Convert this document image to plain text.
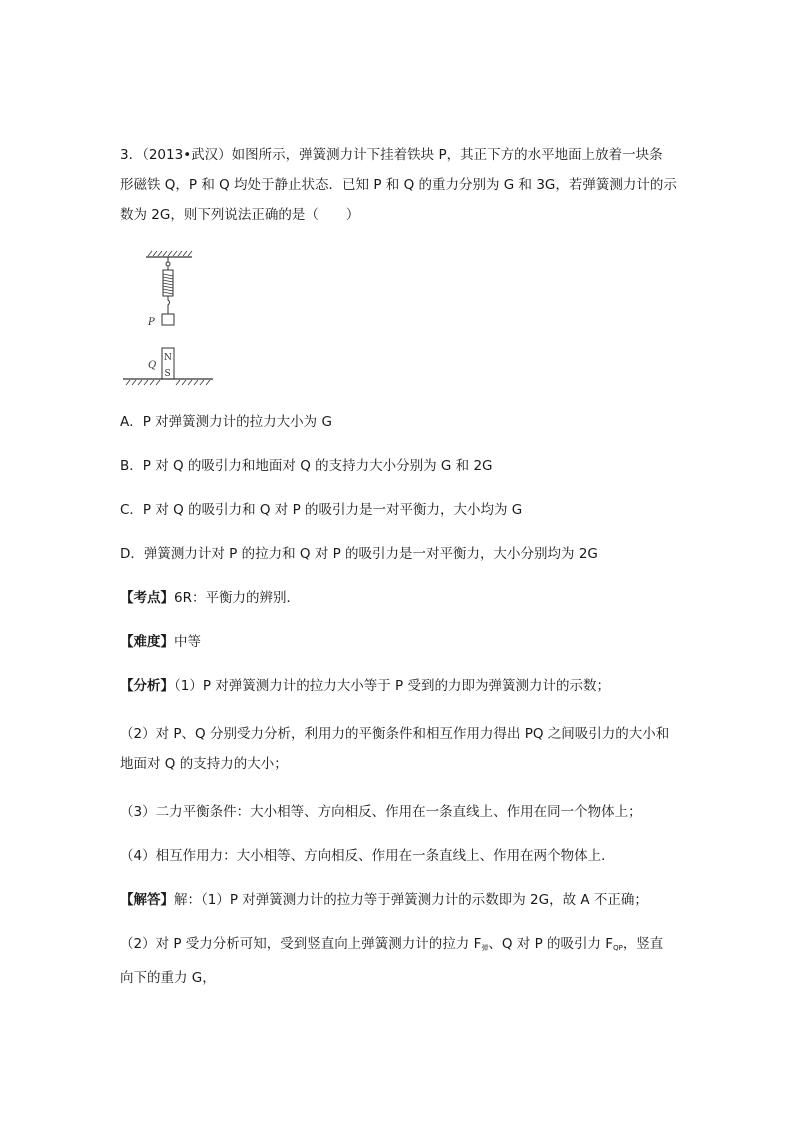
3．（2013•武汉）如图所示，弹簧测力计下挂着铁块 P，其正下方的水平地面上放着一块条
形磁铁 Q，P 和 Q 均处于静止状态．已知 P 和 Q 的重力分别为 G 和 3G，若弹簧测力计的示
数为 2G，则下列说法正确的是（　　）
P
N
S
Q

A．P 对弹簧测力计的拉力大小为 G

B．P 对 Q 的吸引力和地面对 Q 的支持力大小分别为 G 和 2G

C．P 对 Q 的吸引力和 Q 对 P 的吸引力是一对平衡力，大小均为 G

D．弹簧测力计对 P 的拉力和 Q 对 P 的吸引力是一对平衡力，大小分别均为 2G

【考点】6R：平衡力的辨别．

【难度】中等

【分析】（1）P 对弹簧测力计的拉力大小等于 P 受到的力即为弹簧测力计的示数；

（2）对 P、Q 分别受力分析，利用力的平衡条件和相互作用力得出 PQ 之间吸引力的大小和
地面对 Q 的支持力的大小；

（3）二力平衡条件：大小相等、方向相反、作用在一条直线上、作用在同一个物体上；

（4）相互作用力：大小相等、方向相反、作用在一条直线上、作用在两个物体上．

【解答】解：（1）P 对弹簧测力计的拉力等于弹簧测力计的示数即为 2G，故 A 不正确；

（2）对 P 受力分析可知，受到竖直向上弹簧测力计的拉力 $F_弹$、Q 对 P 的吸引力 $F_{QP}$，竖直
向下的重力 G，
